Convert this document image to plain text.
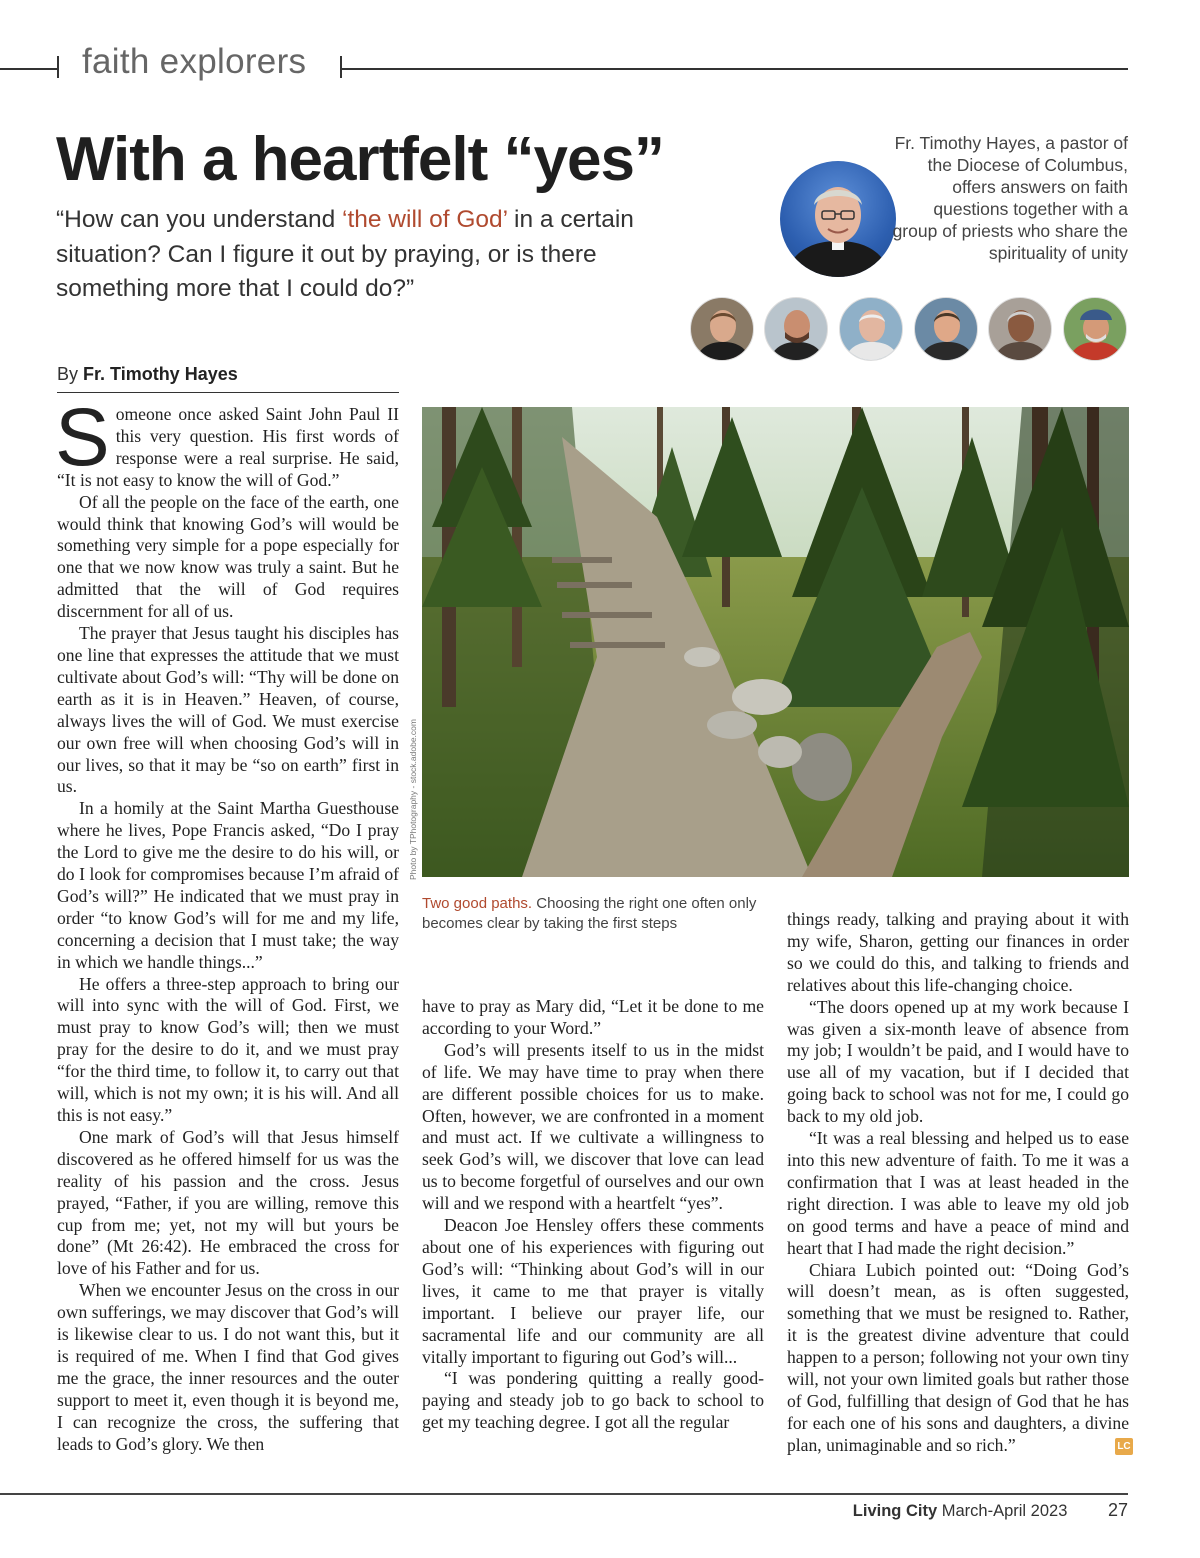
faith explorers
With a heartfelt “yes”
“How can you understand ‘the will of God’ in a certain situation? Can I figure it out by praying, or is there something more that I could do?”
Fr. Timothy Hayes, a pastor of the Diocese of Columbus, offers answers on faith questions together with a group of priests who share the spirituality of unity
By Fr. Timothy Hayes

Someone once asked Saint John Paul II this very question. His first words of response were a real surprise. He said, “It is not easy to know the will of God.”

Of all the people on the face of the earth, one would think that knowing God’s will would be something very simple for a pope especially for one that we now know was truly a saint. But he admitted that the will of God requires discernment for all of us.

The prayer that Jesus taught his disciples has one line that expresses the attitude that we must cultivate about God’s will: “Thy will be done on earth as it is in Heaven.” Heaven, of course, always lives the will of God. We must exercise our own free will when choosing God’s will in our lives, so that it may be “so on earth” first in us.

In a homily at the Saint Martha Guesthouse where he lives, Pope Francis asked, “Do I pray the Lord to give me the desire to do his will, or do I look for compromises because I’m afraid of God’s will?” He indicated that we must pray in order “to know God’s will for me and my life, concerning a decision that I must take; the way in which we handle things...”

He offers a three-step approach to bring our will into sync with the will of God. First, we must pray to know God’s will; then we must pray for the desire to do it, and we must pray “for the third time, to follow it, to carry out that will, which is not my own; it is his will. And all this is not easy.”

One mark of God’s will that Jesus himself discovered as he offered himself for us was the reality of his passion and the cross. Jesus prayed, “Father, if you are willing, remove this cup from me; yet, not my will but yours be done” (Mt 26:42). He embraced the cross for love of his Father and for us.

When we encounter Jesus on the cross in our own sufferings, we may discover that God’s will is likewise clear to us. I do not want this, but it is required of me. When I find that God gives me the grace, the inner resources and the outer support to meet it, even though it is beyond me, I can recognize the cross, the suffering that leads to God’s glory. We then

Photo by TPhotography - stock.adobe.com
Two good paths. Choosing the right one often only becomes clear by taking the first steps

have to pray as Mary did, “Let it be done to me according to your Word.”

God’s will presents itself to us in the midst of life. We may have time to pray when there are different possible choices for us to make. Often, however, we are confronted in a moment and must act. If we cultivate a willingness to seek God’s will, we discover that love can lead us to become forgetful of ourselves and our own will and we respond with a heartfelt “yes”.

Deacon Joe Hensley offers these comments about one of his experiences with figuring out God’s will: “Thinking about God’s will in our lives, it came to me that prayer is vitally important. I believe our prayer life, our sacramental life and our community are all vitally important to figuring out God’s will...

“I was pondering quitting a really good-paying and steady job to go back to school to get my teaching degree. I got all the regular

things ready, talking and praying about it with my wife, Sharon, getting our finances in order so we could do this, and talking to friends and relatives about this life-changing choice.

“The doors opened up at my work because I was given a six-month leave of absence from my job; I wouldn’t be paid, and I would have to use all of my vacation, but if I decided that going back to school was not for me, I could go back to my old job.

“It was a real blessing and helped us to ease into this new adventure of faith. To me it was a confirmation that I was at least headed in the right direction. I was able to leave my old job on good terms and have a peace of mind and heart that I had made the right decision.”

Chiara Lubich pointed out: “Doing God’s will doesn’t mean, as is often suggested, something that we must be resigned to. Rather, it is the greatest divine adventure that could happen to a person; following not your own tiny will, not your own limited goals but rather those of God, fulfilling that design of God that he has for each one of his sons and daughters, a divine plan, unimaginable and so rich.”	LC
Living City March-April 2023 27
